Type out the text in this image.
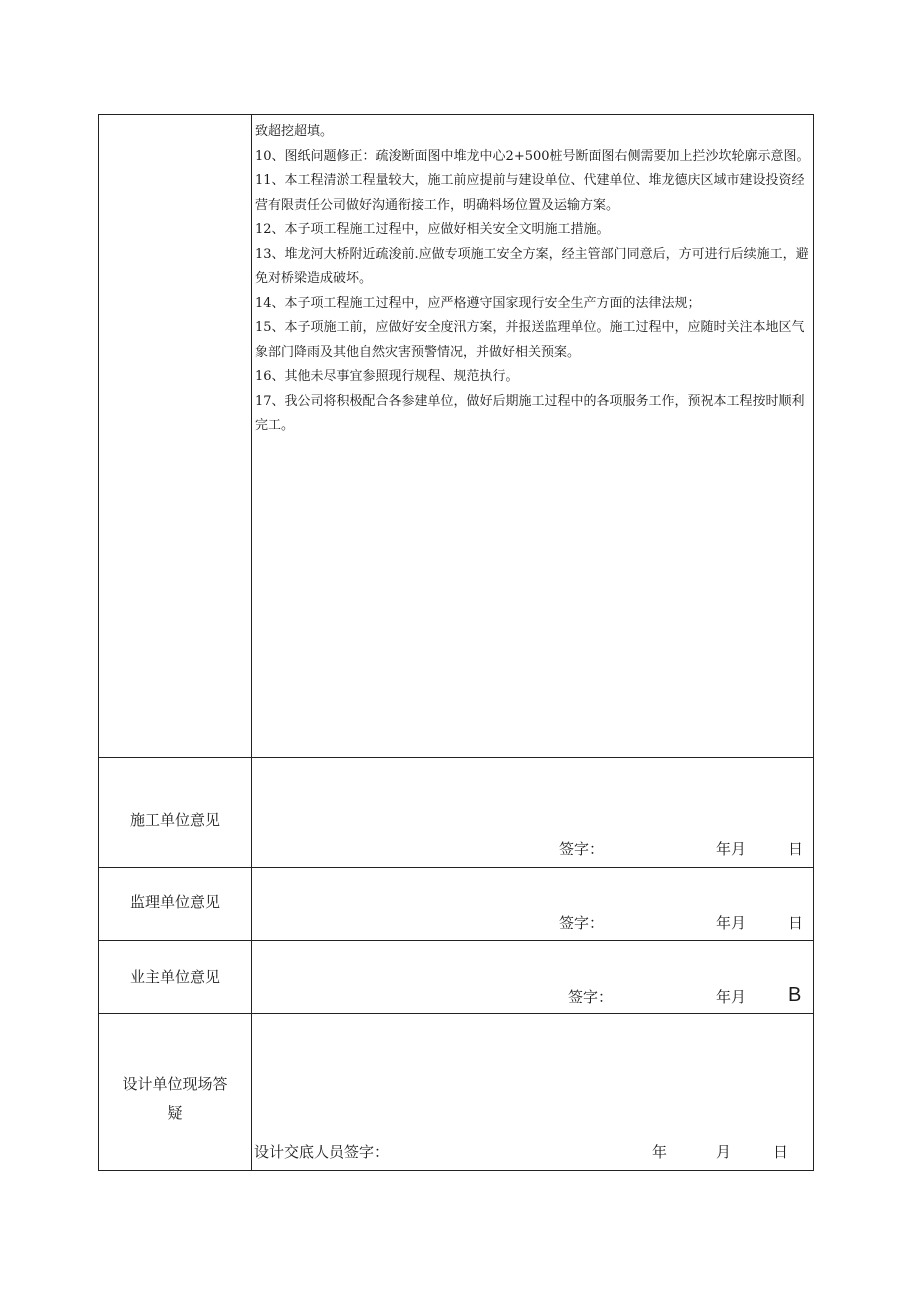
致超挖超填。

10、图纸问题修正：疏浚断面图中堆龙中心2+500桩号断面图右侧需要加上拦沙坎轮廓示意图。

11、本工程清淤工程量较大，施工前应提前与建设单位、代建单位、堆龙德庆区域市建设投资经营有限责任公司做好沟通衔接工作，明确料场位置及运输方案。

12、本子项工程施工过程中，应做好相关安全文明施工措施。

13、堆龙河大桥附近疏浚前.应做专项施工安全方案，经主管部门同意后，方可进行后续施工，避免对桥梁造成破坏。

14、本子项工程施工过程中，应严格遵守国家现行安全生产方面的法律法规；

15、本子项施工前，应做好安全度汛方案，并报送监理单位。施工过程中，应随时关注本地区气象部门降雨及其他自然灾害预警情况，并做好相关预案。

16、其他未尽事宜参照现行规程、规范执行。

17、我公司将积极配合各参建单位，做好后期施工过程中的各项服务工作，预祝本工程按时顺利完工。

施工单位意见
签字：	年月	日
监理单位意见
签字：	年月	日
业主单位意见
签字：	年月 B
设计单位现场答
疑
设计交底人员签字：	年	月	日
